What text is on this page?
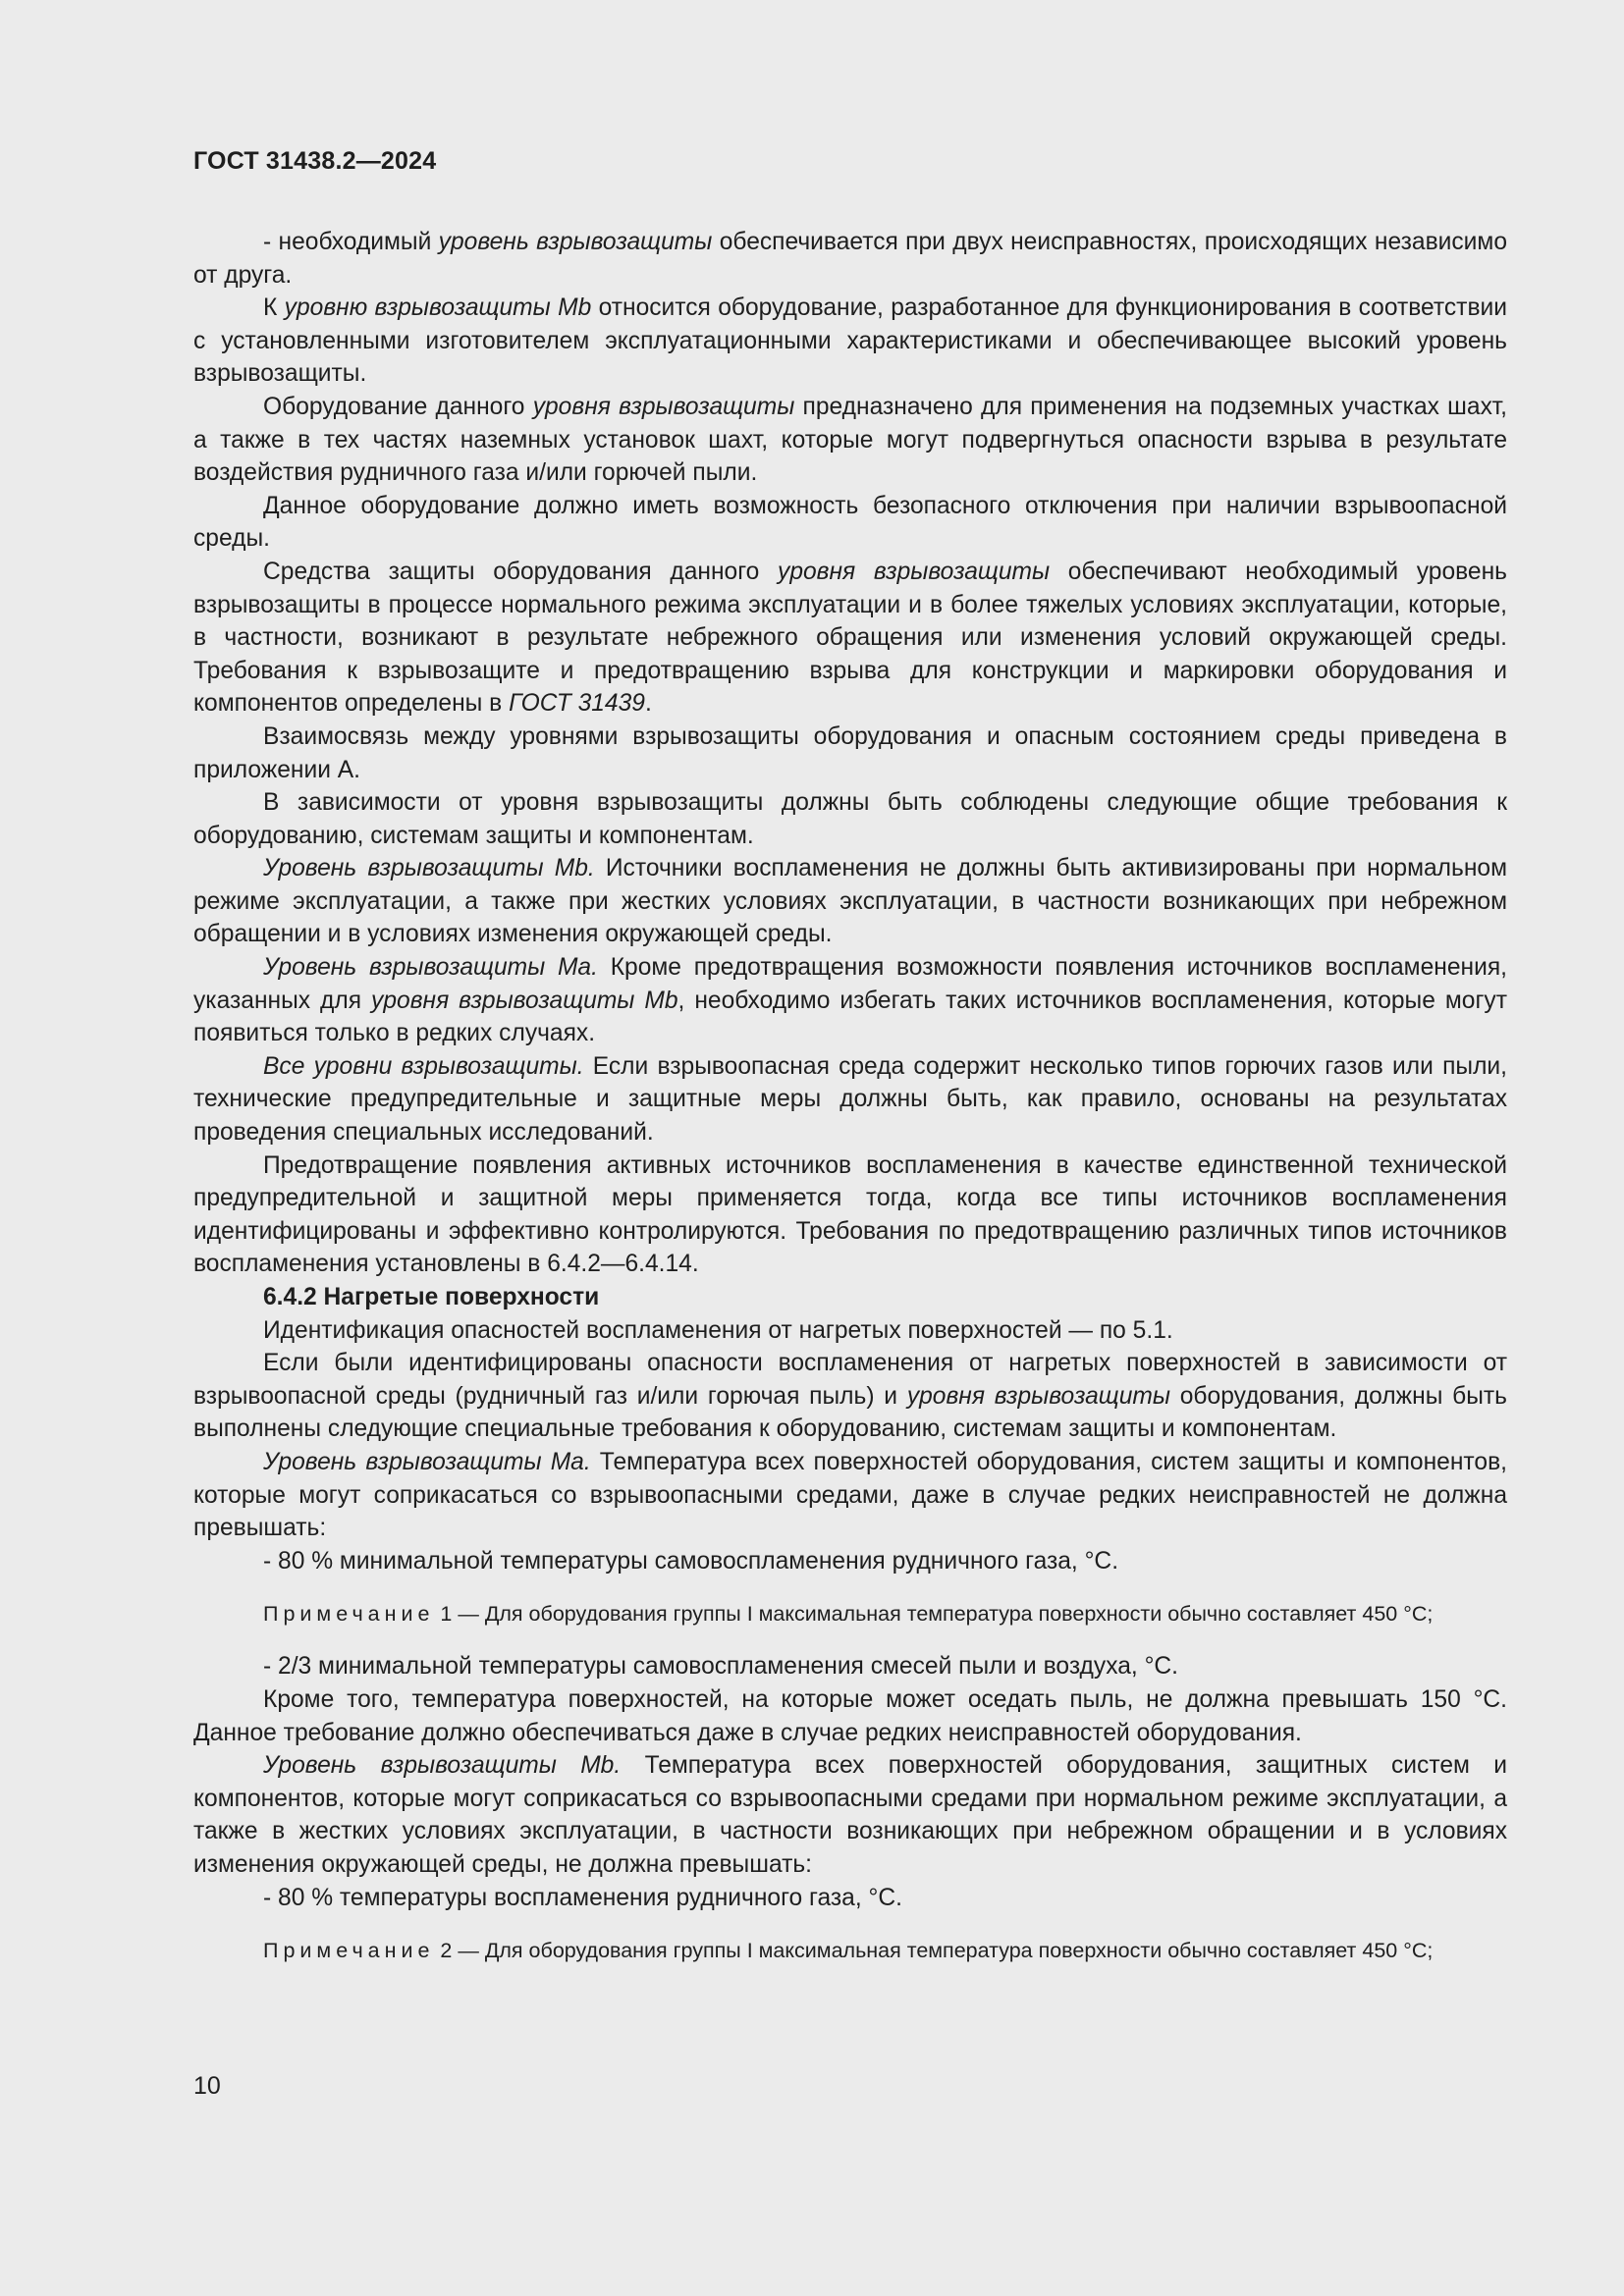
ГОСТ 31438.2—2024

- необходимый уровень взрывозащиты обеспечивается при двух неисправностях, происходящих независимо от друга.

К уровню взрывозащиты Mb относится оборудование, разработанное для функционирования в соответствии с установленными изготовителем эксплуатационными характеристиками и обеспечивающее высокий уровень взрывозащиты.

Оборудование данного уровня взрывозащиты предназначено для применения на подземных участках шахт, а также в тех частях наземных установок шахт, которые могут подвергнуться опасности взрыва в результате воздействия рудничного газа и/или горючей пыли.

Данное оборудование должно иметь возможность безопасного отключения при наличии взрывоопасной среды.

Средства защиты оборудования данного уровня взрывозащиты обеспечивают необходимый уровень взрывозащиты в процессе нормального режима эксплуатации и в более тяжелых условиях эксплуатации, которые, в частности, возникают в результате небрежного обращения или изменения условий окружающей среды. Требования к взрывозащите и предотвращению взрыва для конструкции и маркировки оборудования и компонентов определены в ГОСТ 31439.

Взаимосвязь между уровнями взрывозащиты оборудования и опасным состоянием среды приведена в приложении А.

В зависимости от уровня взрывозащиты должны быть соблюдены следующие общие требования к оборудованию, системам защиты и компонентам.

Уровень взрывозащиты Mb. Источники воспламенения не должны быть активизированы при нормальном режиме эксплуатации, а также при жестких условиях эксплуатации, в частности возникающих при небрежном обращении и в условиях изменения окружающей среды.

Уровень взрывозащиты Ma. Кроме предотвращения возможности появления источников воспламенения, указанных для уровня взрывозащиты Mb, необходимо избегать таких источников воспламенения, которые могут появиться только в редких случаях.

Все уровни взрывозащиты. Если взрывоопасная среда содержит несколько типов горючих газов или пыли, технические предупредительные и защитные меры должны быть, как правило, основаны на результатах проведения специальных исследований.

Предотвращение появления активных источников воспламенения в качестве единственной технической предупредительной и защитной меры применяется тогда, когда все типы источников воспламенения идентифицированы и эффективно контролируются. Требования по предотвращению различных типов источников воспламенения установлены в 6.4.2—6.4.14.

6.4.2 Нагретые поверхности

Идентификация опасностей воспламенения от нагретых поверхностей — по 5.1.

Если были идентифицированы опасности воспламенения от нагретых поверхностей в зависимости от взрывоопасной среды (рудничный газ и/или горючая пыль) и уровня взрывозащиты оборудования, должны быть выполнены следующие специальные требования к оборудованию, системам защиты и компонентам.

Уровень взрывозащиты Ma. Температура всех поверхностей оборудования, систем защиты и компонентов, которые могут соприкасаться со взрывоопасными средами, даже в случае редких неисправностей не должна превышать:

- 80 % минимальной температуры самовоспламенения рудничного газа, °С.

Примечание 1 — Для оборудования группы I максимальная температура поверхности обычно составляет 450 °С;

- 2/3 минимальной температуры самовоспламенения смесей пыли и воздуха, °С.

Кроме того, температура поверхностей, на которые может оседать пыль, не должна превышать 150 °С. Данное требование должно обеспечиваться даже в случае редких неисправностей оборудования.

Уровень взрывозащиты Mb. Температура всех поверхностей оборудования, защитных систем и компонентов, которые могут соприкасаться со взрывоопасными средами при нормальном режиме эксплуатации, а также в жестких условиях эксплуатации, в частности возникающих при небрежном обращении и в условиях изменения окружающей среды, не должна превышать:

- 80 % температуры воспламенения рудничного газа, °С.

Примечание 2 — Для оборудования группы I максимальная температура поверхности обычно составляет 450 °С;
10
